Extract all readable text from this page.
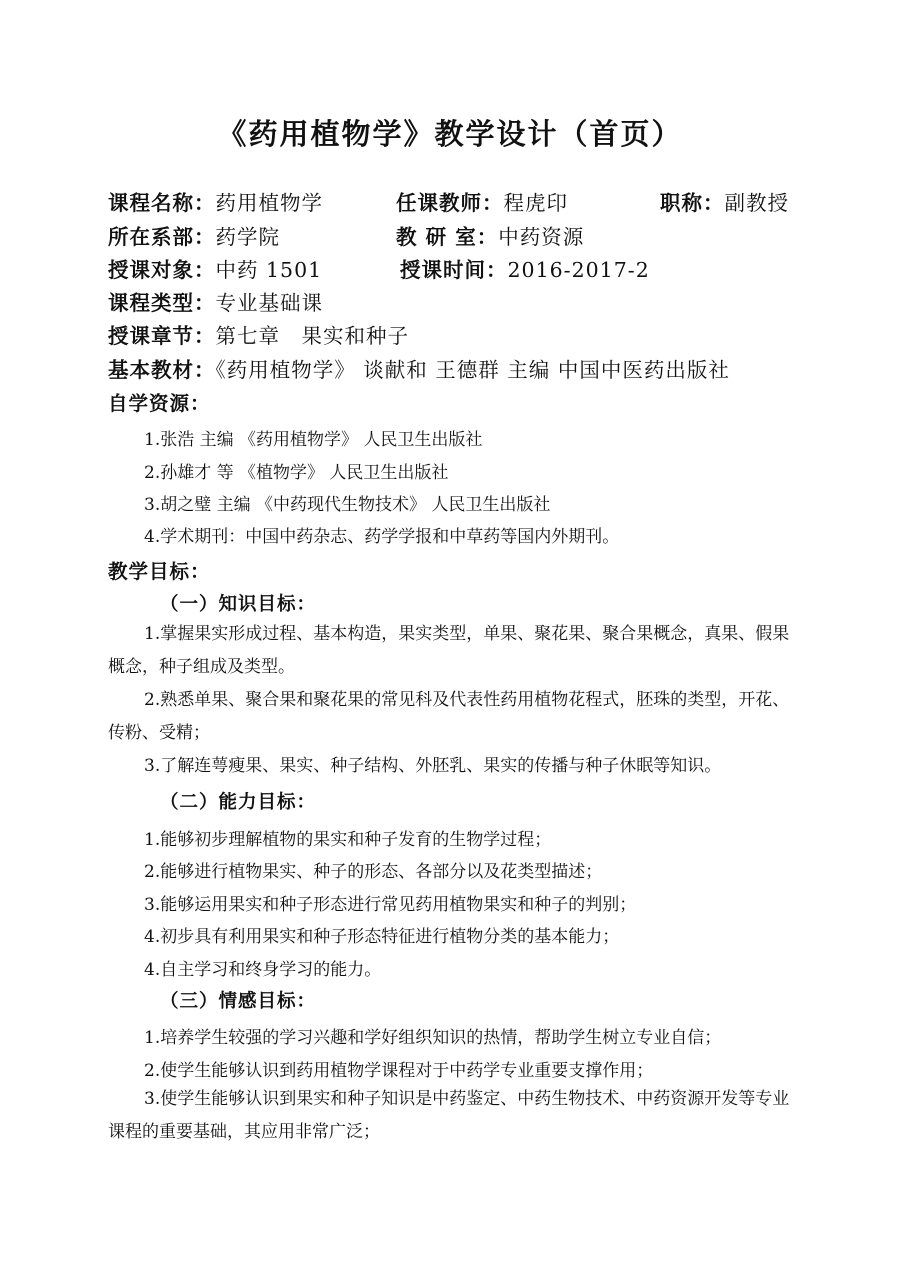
《药用植物学》教学设计（首页）
课程名称：药用植物学	任课教师：程虎印	职称：副教授
所在系部：药学院	教 研 室：中药资源
授课对象：中药 1501	授课时间：2016-2017-2
课程类型：专业基础课
授课章节：第七章　果实和种子
基本教材：《药用植物学》 谈献和 王德群 主编 中国中医药出版社
自学资源：
1.张浩 主编 《药用植物学》 人民卫生出版社
2.孙雄才 等 《植物学》 人民卫生出版社
3.胡之璧 主编 《中药现代生物技术》 人民卫生出版社
4.学术期刊：中国中药杂志、药学学报和中草药等国内外期刊。
教学目标：
（一）知识目标：
1.掌握果实形成过程、基本构造，果实类型，单果、聚花果、聚合果概念，真果、假果概念，种子组成及类型。
2.熟悉单果、聚合果和聚花果的常见科及代表性药用植物花程式，胚珠的类型，开花、传粉、受精；
3.了解连萼瘦果、果实、种子结构、外胚乳、果实的传播与种子休眠等知识。
（二）能力目标：
1.能够初步理解植物的果实和种子发育的生物学过程；
2.能够进行植物果实、种子的形态、各部分以及花类型描述；
3.能够运用果实和种子形态进行常见药用植物果实和种子的判别；
4.初步具有利用果实和种子形态特征进行植物分类的基本能力；
4.自主学习和终身学习的能力。
（三）情感目标：
1.培养学生较强的学习兴趣和学好组织知识的热情，帮助学生树立专业自信；
2.使学生能够认识到药用植物学课程对于中药学专业重要支撑作用；
3.使学生能够认识到果实和种子知识是中药鉴定、中药生物技术、中药资源开发等专业课程的重要基础，其应用非常广泛；
